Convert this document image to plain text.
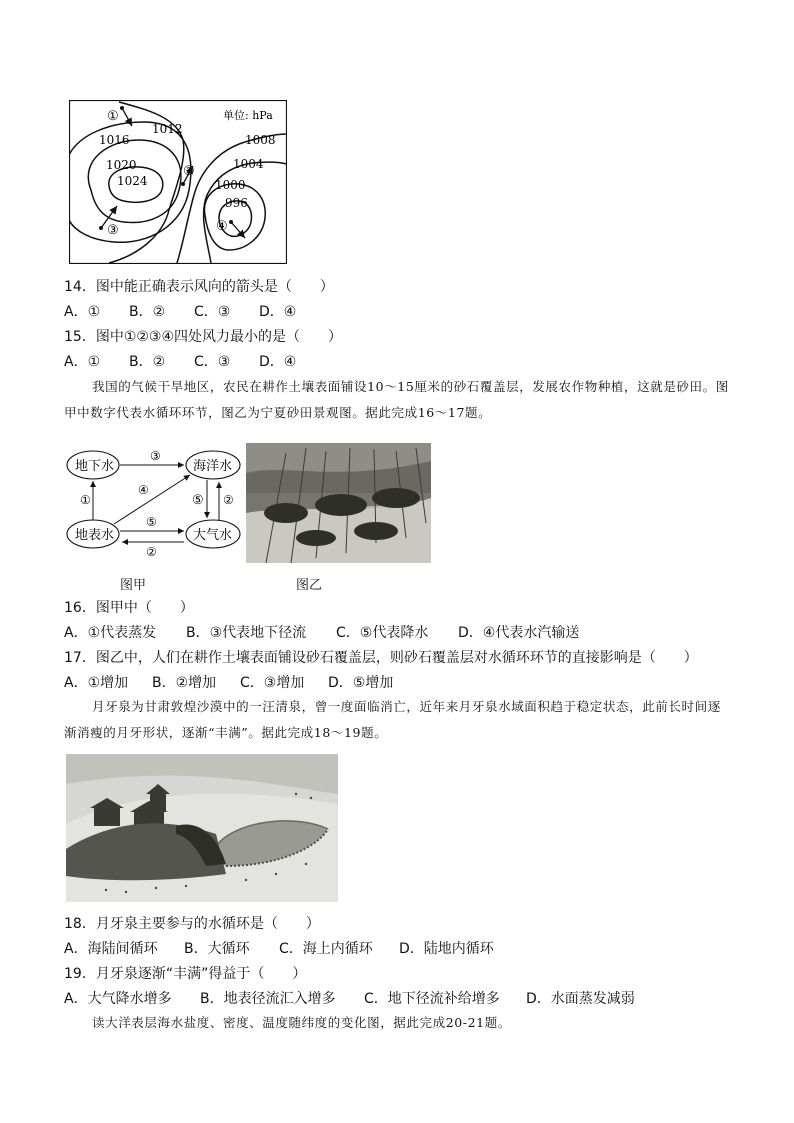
单位: hPa
1016
1012
1008
1004
1020
1024	1000
996
①
②
③	④
14．图中能正确表示风向的箭头是（　　）
A．① B．② C．③ D．④
15．图中①②③④四处风力最小的是（　　）
A．① B．② C．③ D．④
我国的气候干旱地区，农民在耕作土壤表面铺设10～15厘米的砂石覆盖层，发展农作物种植，这就是砂田。图甲中数字代表水循环环节，图乙为宁夏砂田景观图。据此完成16～17题。
地下水	海洋水
地表水	大气水
③
④
①
⑤
②
⑤ ②
图甲	图乙
16．图甲中（　　）
A．①代表蒸发 B．③代表地下径流 C．⑤代表降水 D．④代表水汽输送
17．图乙中，人们在耕作土壤表面铺设砂石覆盖层，则砂石覆盖层对水循环环节的直接影响是（　　）
A．①增加 B．②增加 C．③增加 D．⑤增加
月牙泉为甘肃敦煌沙漠中的一汪清泉，曾一度面临消亡，近年来月牙泉水域面积趋于稳定状态，此前长时间逐渐消瘦的月牙形状，逐渐“丰满”。据此完成18～19题。
18．月牙泉主要参与的水循环是（　　）
A．海陆间循环 B．大循环 C．海上内循环 D．陆地内循环
19．月牙泉逐渐“丰满”得益于（　　）
A．大气降水增多 B．地表径流汇入增多 C．地下径流补给增多 D．水面蒸发减弱
读大洋表层海水盐度、密度、温度随纬度的变化图，据此完成20-21题。
